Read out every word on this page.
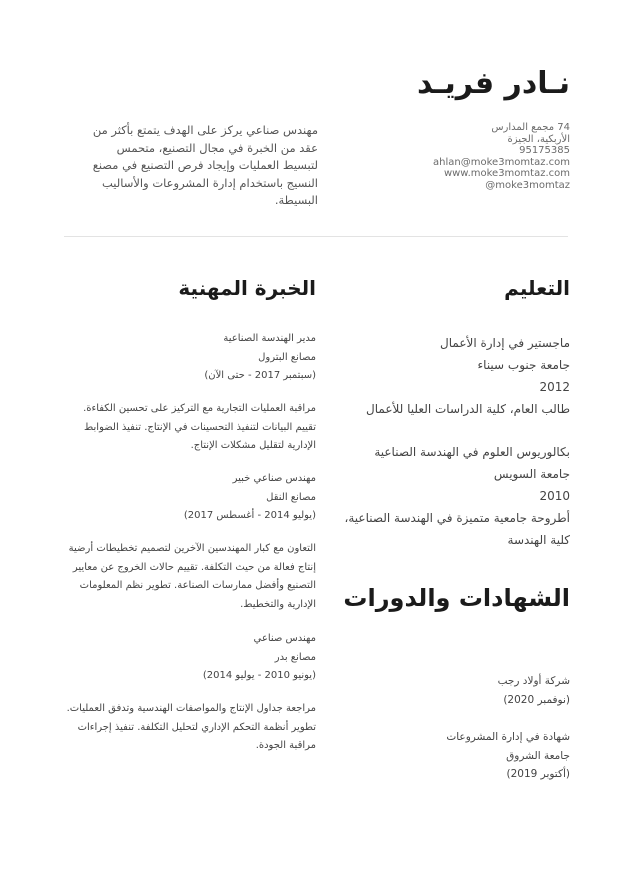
نـادر فريـد
74 مجمع المدارس
الأربكية، الجيزة
95175385
ahlan@moke3momtaz.com
www.moke3momtaz.com
moke3momtaz@
مهندس صناعي يركز على الهدف يتمتع بأكثر من عقد من الخبرة في مجال التصنيع، متحمس لتبسيط العمليات وإيجاد فرص التصنيع في مصنع النسيج باستخدام إدارة المشروعات والأساليب البسيطة.
التعليم
ماجستير في إدارة الأعمال
جامعة جنوب سيناء
2012
طالب العام، كلية الدراسات العليا للأعمال
بكالوريوس العلوم في الهندسة الصناعية
جامعة السويس
2010
أطروحة جامعية متميزة في الهندسة الصناعية، كلية الهندسة
الشهادات والدورات
شركة أولاد رجب
(نوفمبر 2020)
شهادة في إدارة المشروعات
جامعة الشروق
(أكتوبر 2019)
الخبرة المهنية
مدير الهندسة الصناعية
مصانع البترول
(سبتمبر 2017 - حتى الآن)
مراقبة العمليات التجارية مع التركيز على تحسين الكفاءة. تقييم البيانات لتنفيذ التحسينات في الإنتاج. تنفيذ الضوابط الإدارية لتقليل مشكلات الإنتاج.
مهندس صناعي خبير
مصانع النقل
(يوليو 2014 - أغسطس 2017)
التعاون مع كبار المهندسين الآخرين لتصميم تخطيطات أرضية إنتاج فعالة من حيث التكلفة. تقييم حالات الخروج عن معايير التصنيع وأفضل ممارسات الصناعة. تطوير نظم المعلومات الإدارية والتخطيط.
مهندس صناعي
مصانع بدر
(يونيو 2010 - يوليو 2014)
مراجعة جداول الإنتاج والمواصفات الهندسية وتدفق العمليات. تطوير أنظمة التحكم الإداري لتحليل التكلفة. تنفيذ إجراءات مراقبة الجودة.
